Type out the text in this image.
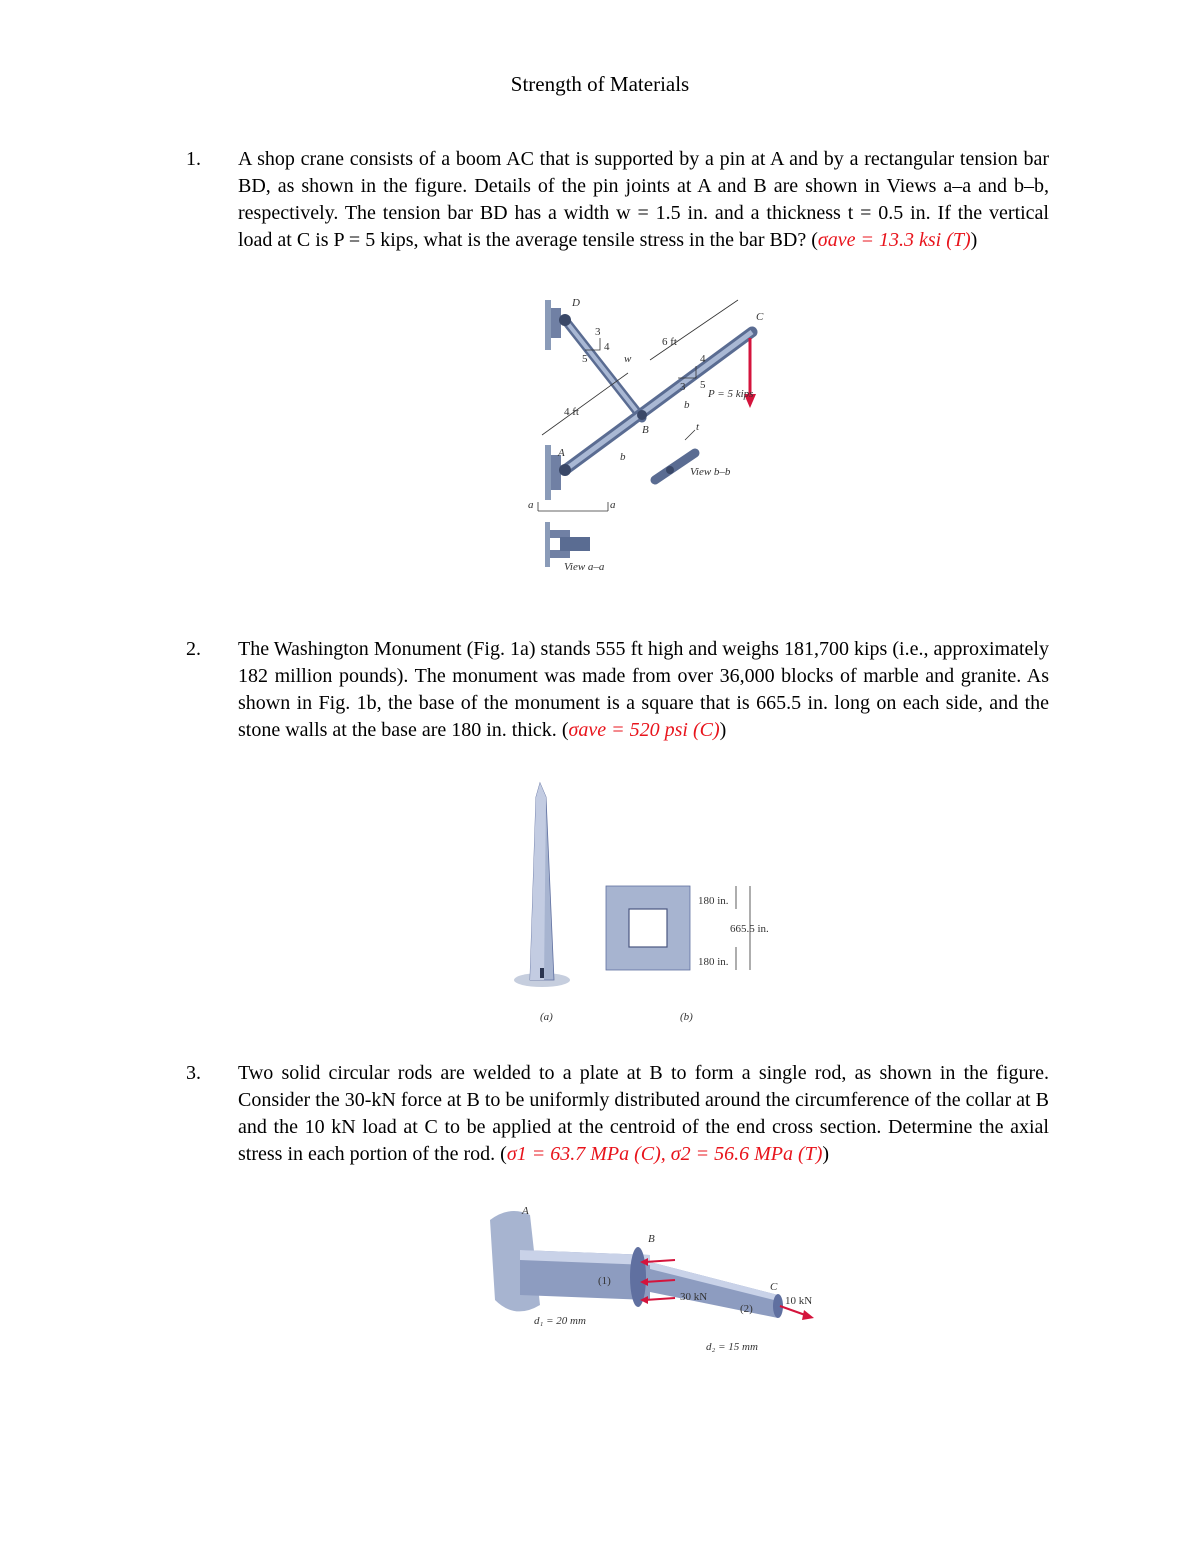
Strength of Materials
1. A shop crane consists of a boom AC that is supported by a pin at A and by a rectangular tension bar BD, as shown in the figure. Details of the pin joints at A and B are shown in Views a–a and b–b, respectively. The tension bar BD has a width w = 1.5 in. and a thickness t = 0.5 in. If the vertical load at C is P = 5 kips, what is the average tensile stress in the bar BD? (σave = 13.3 ksi (T))
D
C
A
B
6 ft
4 ft
P = 5 kips
View b–b
View a–a
a	a
b
b
w
t
3
4
5
3
4
5
2. The Washington Monument (Fig. 1a) stands 555 ft high and weighs 181,700 kips (i.e., approximately 182 million pounds). The monument was made from over 36,000 blocks of marble and granite. As shown in Fig. 1b, the base of the monument is a square that is 665.5 in. long on each side, and the stone walls at the base are 180 in. thick. (σave = 520 psi (C))
(a)	(b)
180 in.
180 in.
665.5 in.
3. Two solid circular rods are welded to a plate at B to form a single rod, as shown in the figure. Consider the 30-kN force at B to be uniformly distributed around the circumference of the collar at B and the 10 kN load at C to be applied at the centroid of the end cross section. Determine the axial stress in each portion of the rod. (σ1 = 63.7 MPa (C), σ2 = 56.6 MPa (T))
A
B
C
(1)
(2)
30 kN	10 kN
d₁ = 20 mm
d₂ = 15 mm
